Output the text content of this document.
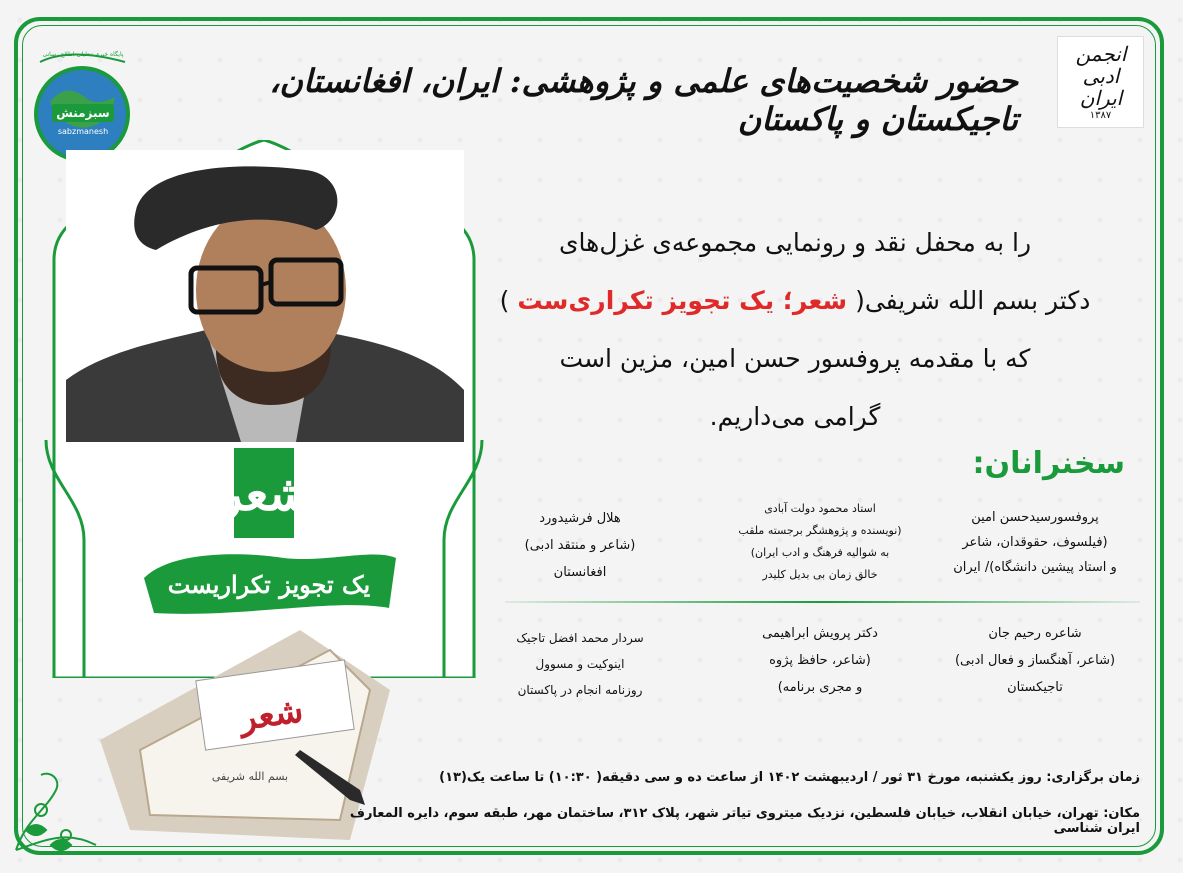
سبزمنش
sabzmanesh
پایگاه خبری تحلیلی اطلاع رسانی	انجمن ادبی ایران
۱۳۸۷
حضور شخصیت‌های علمی و پژوهشی: ایران، افغانستان، تاجیکستان و پاکستان
شعر
یک تجویز تکراریست
شعر
بسم الله شریفی
را به محفل نقد و رونمایی مجموعه‌ی غزل‌های
دکتر بسم الله شریفی( شعر؛ یک تجویز تکراری‌ست )
که با مقدمه پروفسور حسن امین، مزین است
گرامی می‌داریم.
سخنرانان:
پروفسورسیدحسن امین
(فیلسوف، حقوقدان، شاعر
و استاد پیشین دانشگاه)/ ایران
استاد محمود دولت آبادی
(نویسنده و پژوهشگر برجسته ملقب
به شوالیه فرهنگ و ادب ایران)
خالق زمان بی بدیل کلیدر
هلال فرشیدورد
(شاعر و منتقد ادبی)
افغانستان
شاعره رحیم جان
(شاعر، آهنگساز و فعال ادبی)
تاجیکستان
دکتر پرویش ابراهیمی
(شاعر، حافظ پژوه
و مجری برنامه)
سردار محمد افضل تاجیک
اینوکیت و مسوول
روزنامه انجام در پاکستان
زمان برگزاری: روز یکشنبه، مورخ ۳۱ ثور / اردیبهشت ۱۴۰۲ از ساعت ده و سی دقیقه( ۱۰:۳۰) تا ساعت یک(۱۳)
مکان: تهران، خیابان انقلاب، خیابان فلسطین، نزدیک میتروی تیاتر شهر، پلاک ۳۱۲، ساختمان مهر، طبقه سوم، دایره المعارف ایران شناسی
